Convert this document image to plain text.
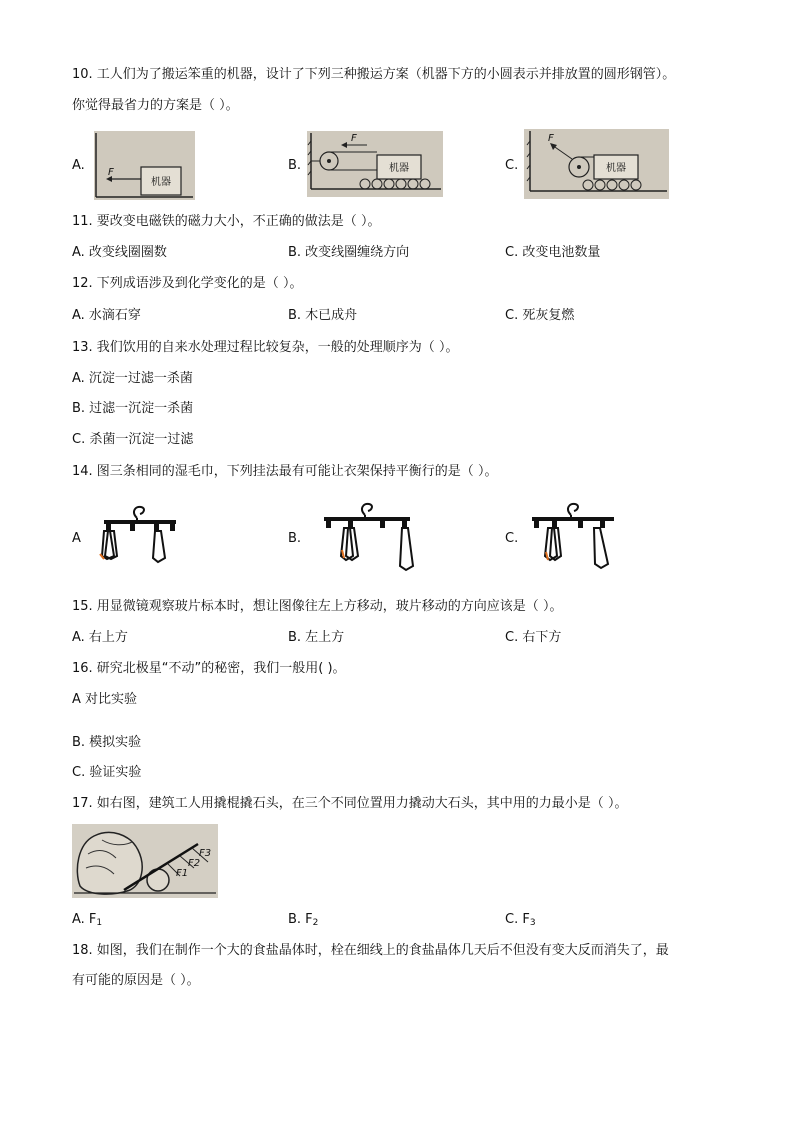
10. 工人们为了搬运笨重的机器，设计了下列三种搬运方案（机器下方的小圆表示并排放置的圆形钢管）。
你觉得最省力的方案是（ ）。
A.
机器
F	B.	机器
F
C.	机器
F
11. 要改变电磁铁的磁力大小，不正确的做法是（ ）。
A. 改变线圈圈数	B. 改变线圈缠绕方向	C. 改变电池数量
12. 下列成语涉及到化学变化的是（ ）。
A. 水滴石穿	B. 木已成舟	C. 死灰复燃
13. 我们饮用的自来水处理过程比较复杂，一般的处理顺序为（ ）。
A. 沉淀一过滤一杀菌
B. 过滤一沉淀一杀菌
C. 杀菌一沉淀一过滤
14. 图三条相同的湿毛巾，下列挂法最有可能让衣架保持平衡行的是（ ）。
A	B.	C.
15. 用显微镜观察玻片标本时，想让图像往左上方移动，玻片移动的方向应该是（ ）。
A. 右上方	B. 左上方	C. 右下方
16. 研究北极星“不动”的秘密，我们一般用( )。
A 对比实验
B. 模拟实验
C. 验证实验
17. 如右图，建筑工人用撬棍撬石头，在三个不同位置用力撬动大石头，其中用的力最小是（ ）。
F3
F2
F1
A. $F_1$	B. $F_2$	C. $F_3$
18. 如图，我们在制作一个大的食盐晶体时，栓在细线上的食盐晶体几天后不但没有变大反而消失了，最
有可能的原因是（ ）。
